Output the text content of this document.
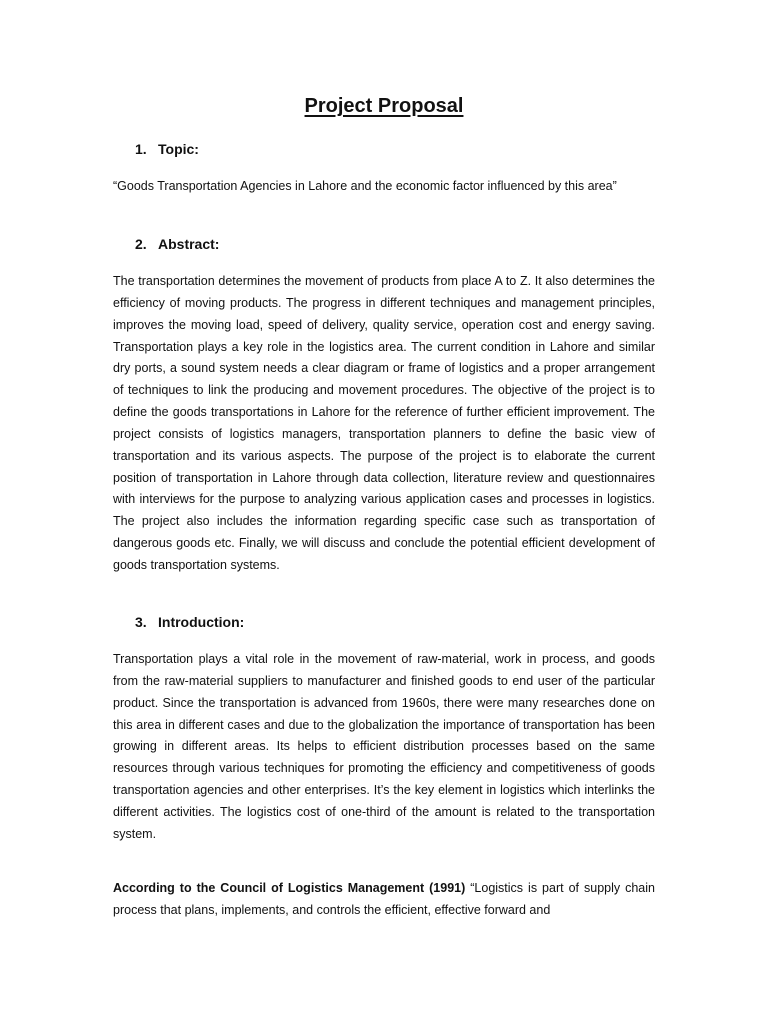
Project Proposal
1. Topic:

“Goods Transportation Agencies in Lahore and the economic factor influenced by this area”

2. Abstract:

The transportation determines the movement of products from place A to Z. It also determines the efficiency of moving products. The progress in different techniques and management principles, improves the moving load, speed of delivery, quality service, operation cost and energy saving. Transportation plays a key role in the logistics area. The current condition in Lahore and similar dry ports, a sound system needs a clear diagram or frame of logistics and a proper arrangement of techniques to link the producing and movement procedures. The objective of the project is to define the goods transportations in Lahore for the reference of further efficient improvement. The project consists of logistics managers, transportation planners to define the basic view of transportation and its various aspects. The purpose of the project is to elaborate the current position of transportation in Lahore through data collection, literature review and questionnaires with interviews for the purpose to analyzing various application cases and processes in logistics. The project also includes the information regarding specific case such as transportation of dangerous goods etc. Finally, we will discuss and conclude the potential efficient development of goods transportation systems.

3. Introduction:

Transportation plays a vital role in the movement of raw-material, work in process, and goods from the raw-material suppliers to manufacturer and finished goods to end user of the particular product. Since the transportation is advanced from 1960s, there were many researches done on this area in different cases and due to the globalization the importance of transportation has been growing in different areas. Its helps to efficient distribution processes based on the same resources through various techniques for promoting the efficiency and competitiveness of goods transportation agencies and other enterprises. It’s the key element in logistics which interlinks the different activities. The logistics cost of one-third of the amount is related to the transportation system.

According to the Council of Logistics Management (1991) “Logistics is part of supply chain process that plans, implements, and controls the efficient, effective forward and
